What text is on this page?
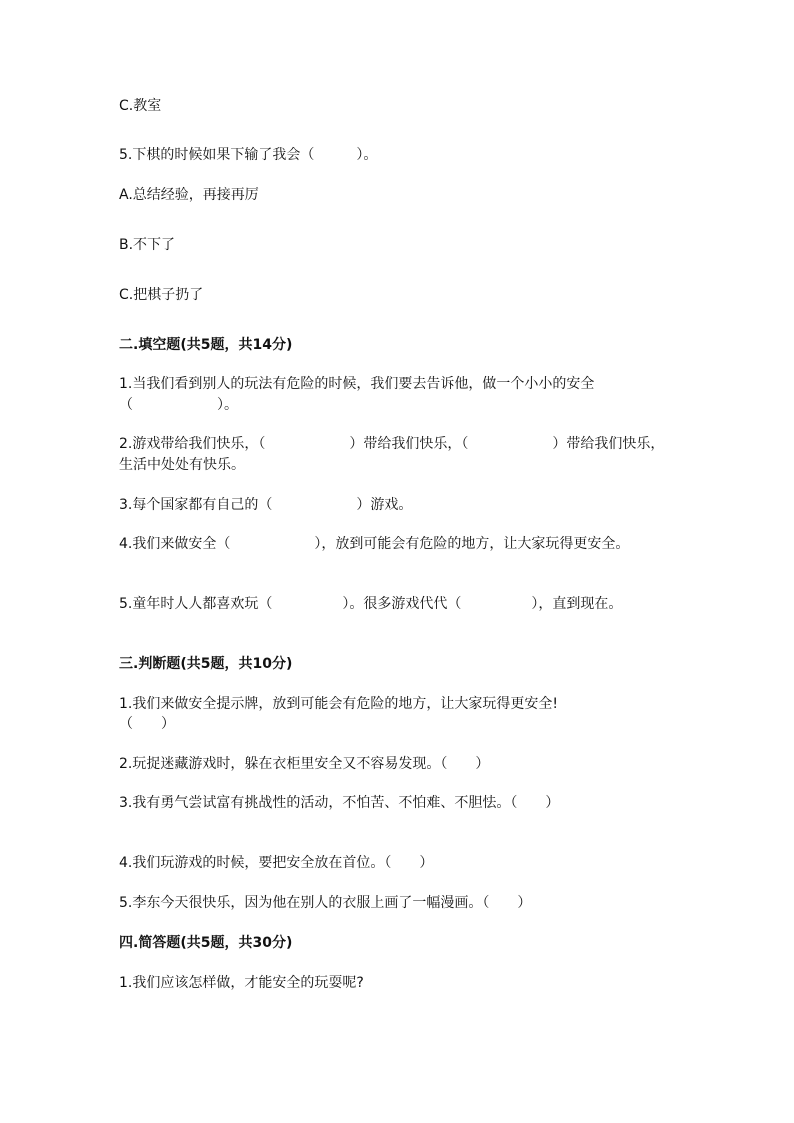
C.教室
5.下棋的时候如果下输了我会（　　　）。
A.总结经验，再接再厉
B.不下了
C.把棋子扔了
二.填空题(共5题，共14分)
1.当我们看到别人的玩法有危险的时候，我们要去告诉他，做一个小小的安全（　　　　　　）。
2.游戏带给我们快乐，（　　　　　　）带给我们快乐，（　　　　　　）带给我们快乐，生活中处处有快乐。
3.每个国家都有自己的（　　　　　　）游戏。
4.我们来做安全（　　　　　　），放到可能会有危险的地方，让大家玩得更安全。
5.童年时人人都喜欢玩（　　　　　）。很多游戏代代（　　　　　），直到现在。
三.判断题(共5题，共10分)
1.我们来做安全提示牌，放到可能会有危险的地方，让大家玩得更安全!
（　　）
2.玩捉迷藏游戏时，躲在衣柜里安全又不容易发现。（　　）
3.我有勇气尝试富有挑战性的活动，不怕苦、不怕难、不胆怯。（　　）
4.我们玩游戏的时候，要把安全放在首位。（　　）
5.李东今天很快乐，因为他在别人的衣服上画了一幅漫画。（　　）
四.简答题(共5题，共30分)
1.我们应该怎样做，才能安全的玩耍呢?
